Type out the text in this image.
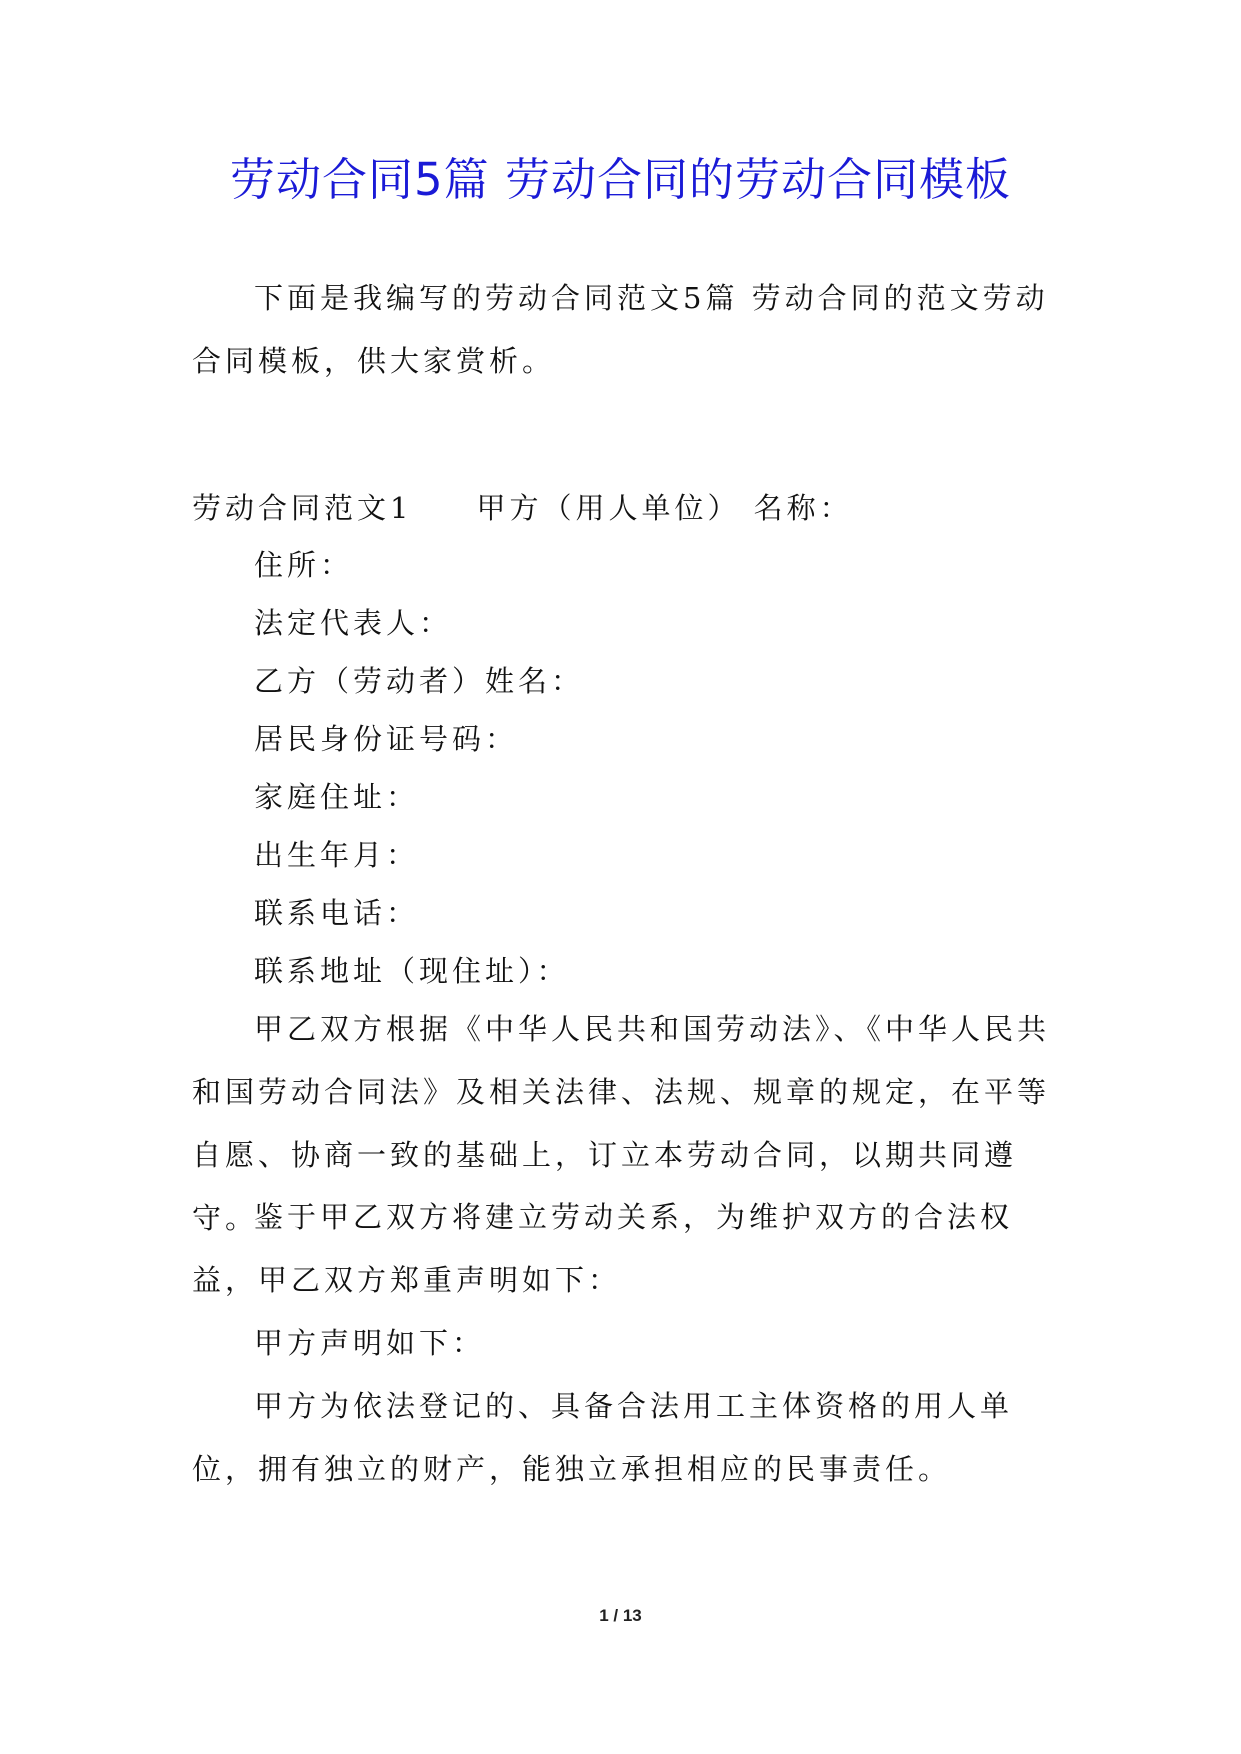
劳动合同5篇 劳动合同的劳动合同模板

下面是我编写的劳动合同范文5篇 劳动合同的范文劳动合同模板，供大家赏析。

劳动合同范文1 甲方（用人单位） 名称：
住所：
法定代表人：
乙方（劳动者）姓名：
居民身份证号码：
家庭住址：
出生年月：
联系电话：
联系地址（现住址）：

甲乙双方根据《中华人民共和国劳动法》、《中华人民共和国劳动合同法》及相关法律、法规、规章的规定，在平等自愿、协商一致的基础上，订立本劳动合同，以期共同遵守。

鉴于甲乙双方将建立劳动关系，为维护双方的合法权益，甲乙双方郑重声明如下：

甲方声明如下：

甲方为依法登记的、具备合法用工主体资格的用人单位，拥有独立的财产，能独立承担相应的民事责任。

1 / 13
